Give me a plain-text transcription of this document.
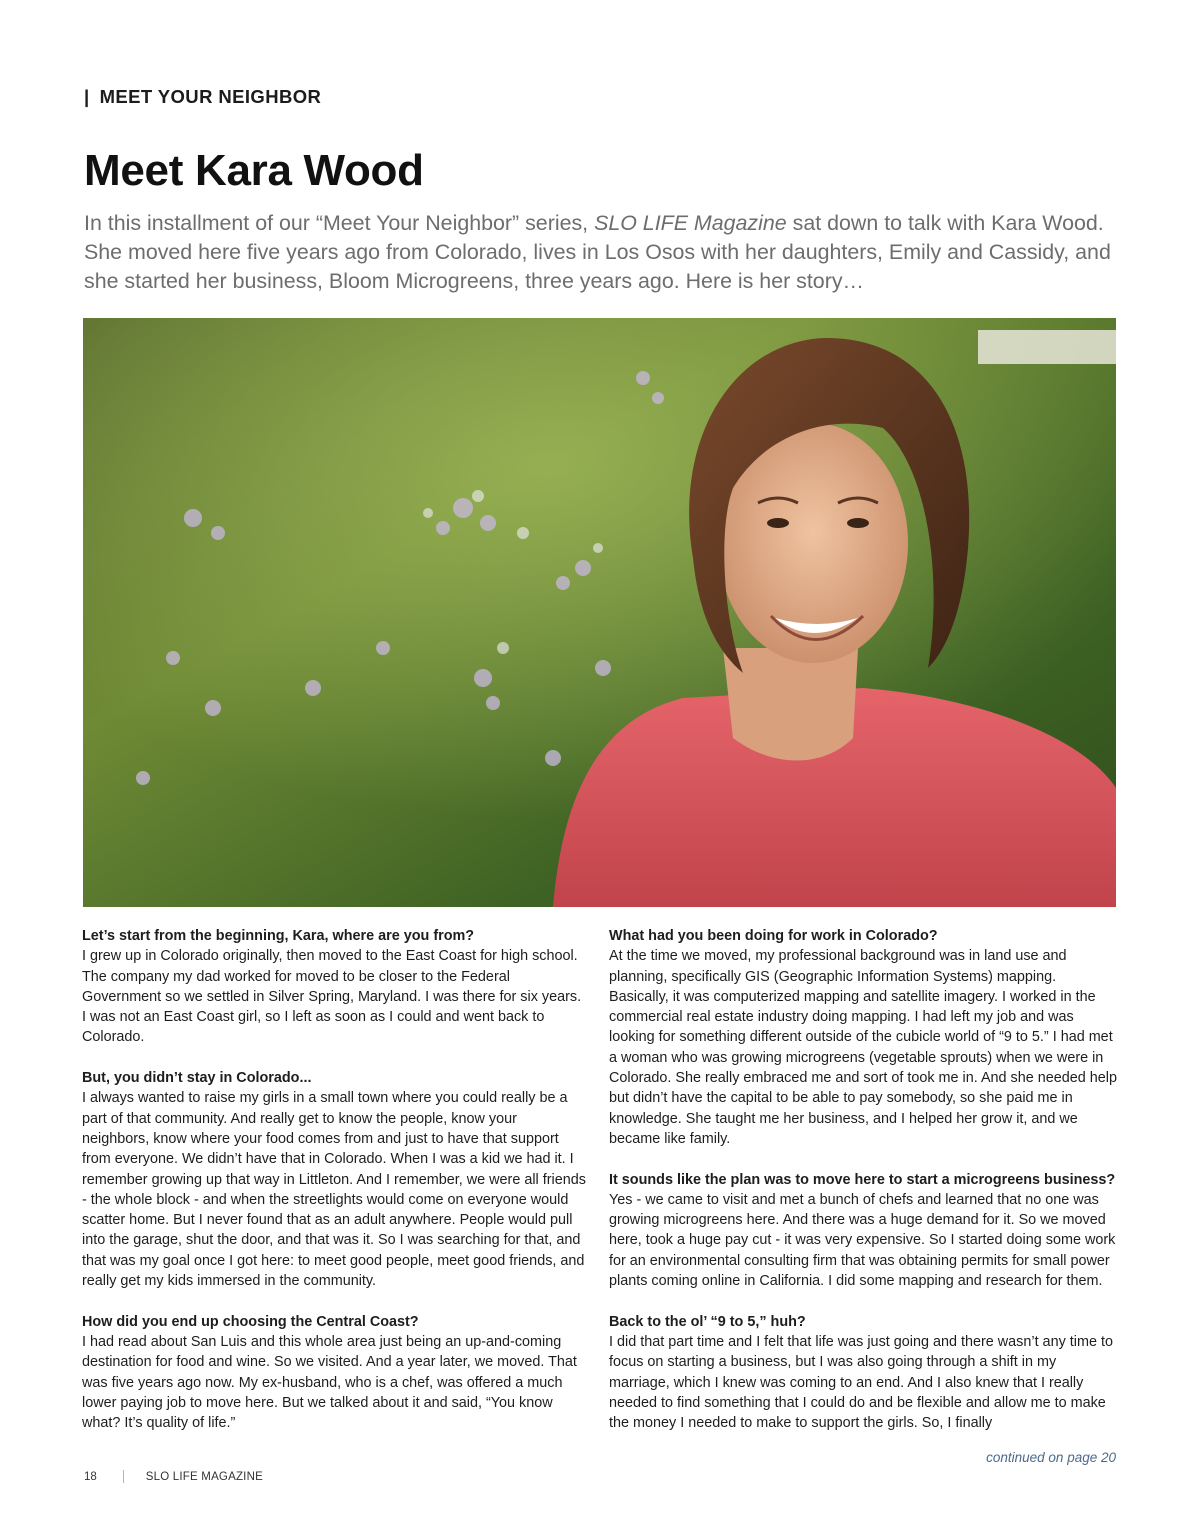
| MEET YOUR NEIGHBOR
Meet Kara Wood

In this installment of our “Meet Your Neighbor” series, SLO LIFE Magazine sat down to talk with Kara Wood. She moved here five years ago from Colorado, lives in Los Osos with her daughters, Emily and Cassidy, and she started her business, Bloom Microgreens, three years ago. Here is her story…

Let’s start from the beginning, Kara, where are you from?
I grew up in Colorado originally, then moved to the East Coast for high school. The company my dad worked for moved to be closer to the Federal Government so we settled in Silver Spring, Maryland. I was there for six years. I was not an East Coast girl, so I left as soon as I could and went back to Colorado.
But, you didn’t stay in Colorado...
I always wanted to raise my girls in a small town where you could really be a part of that community. And really get to know the people, know your neighbors, know where your food comes from and just to have that support from everyone. We didn’t have that in Colorado. When I was a kid we had it. I remember growing up that way in Littleton. And I remember, we were all friends - the whole block - and when the streetlights would come on everyone would scatter home. But I never found that as an adult anywhere. People would pull into the garage, shut the door, and that was it. So I was searching for that, and that was my goal once I got here: to meet good people, meet good friends, and really get my kids immersed in the community.
How did you end up choosing the Central Coast?
I had read about San Luis and this whole area just being an up-and-coming destination for food and wine. So we visited. And a year later, we moved. That was five years ago now. My ex-husband, who is a chef, was offered a much lower paying job to move here. But we talked about it and said, “You know what? It’s quality of life.”
What had you been doing for work in Colorado?
At the time we moved, my professional background was in land use and planning, specifically GIS (Geographic Information Systems) mapping. Basically, it was computerized mapping and satellite imagery. I worked in the commercial real estate industry doing mapping. I had left my job and was looking for something different outside of the cubicle world of “9 to 5.” I had met a woman who was growing microgreens (vegetable sprouts) when we were in Colorado. She really embraced me and sort of took me in. And she needed help but didn’t have the capital to be able to pay somebody, so she paid me in knowledge. She taught me her business, and I helped her grow it, and we became like family.
It sounds like the plan was to move here to start a microgreens business?
Yes - we came to visit and met a bunch of chefs and learned that no one was growing microgreens here. And there was a huge demand for it. So we moved here, took a huge pay cut - it was very expensive. So I started doing some work for an environmental consulting firm that was obtaining permits for small power plants coming online in California. I did some mapping and research for them.
Back to the ol’ “9 to 5,” huh?
I did that part time and I felt that life was just going and there wasn’t any time to focus on starting a business, but I was also going through a shift in my marriage, which I knew was coming to an end. And I also knew that I really needed to find something that I could do and be flexible and allow me to make the money I needed to make to support the girls. So, I finally
continued on page 20
18	SLO LIFE MAGAZINE
